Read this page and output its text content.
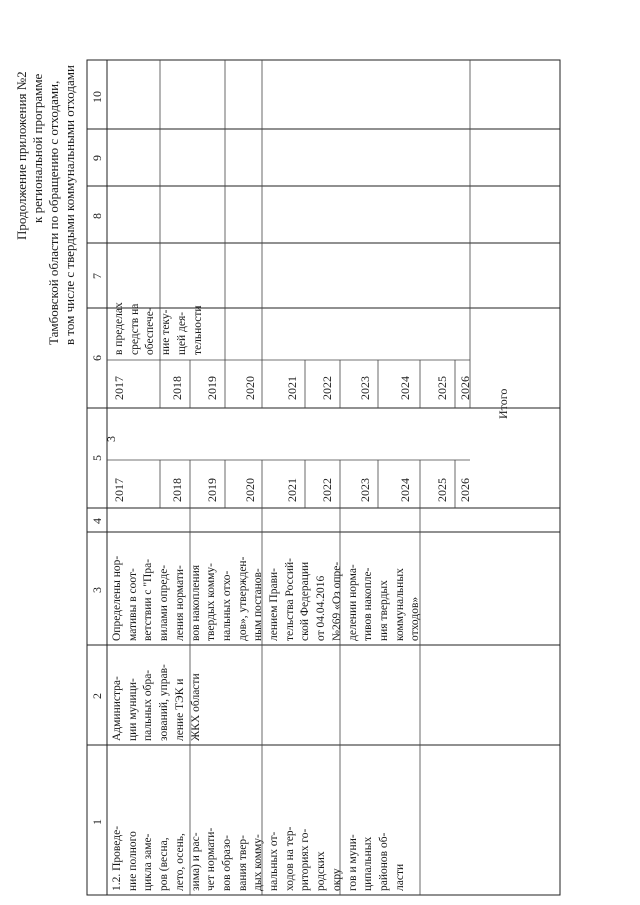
3
Продолжение приложения №2 к региональной программе Тамбовской области по обращению с отходами, в том числе с твердыми коммунальными отходами
1
2
3
4
5
6
7
8
9
10
1.2. Проведе- ние полного цикла заме- ров (весна, лето, осень, зима) и рас- чет нормати- вов образо- вания твер- дых комму- нальных от- ходов на тер- риториях го- родских окру гов и муни- ципальных районов об- ласти
Администра- ции муници- пальных обра- зований, управ- ление ТЭК и ЖКХ области
Определены нор- мативы в соот- ветствии с "Пра- вилами опреде- ления нормати- вов накопления твердых комму- нальных отхо- дов», утвержден- ным постанов- лением Прави- тельства Россий- ской Федерации от 04.04.2016 №269 «Оз опре- делении норма- тивов накопле- ния твердых коммунальных отходов»
2017	2018 2019 2020 2021 2022 2023 2024 2025 2026
2017	2018 2019 2020 2021 2022 2023 2024 2025 2026
в пределах средств на обеспече- ние теку- щей дея- тельности
Итого
